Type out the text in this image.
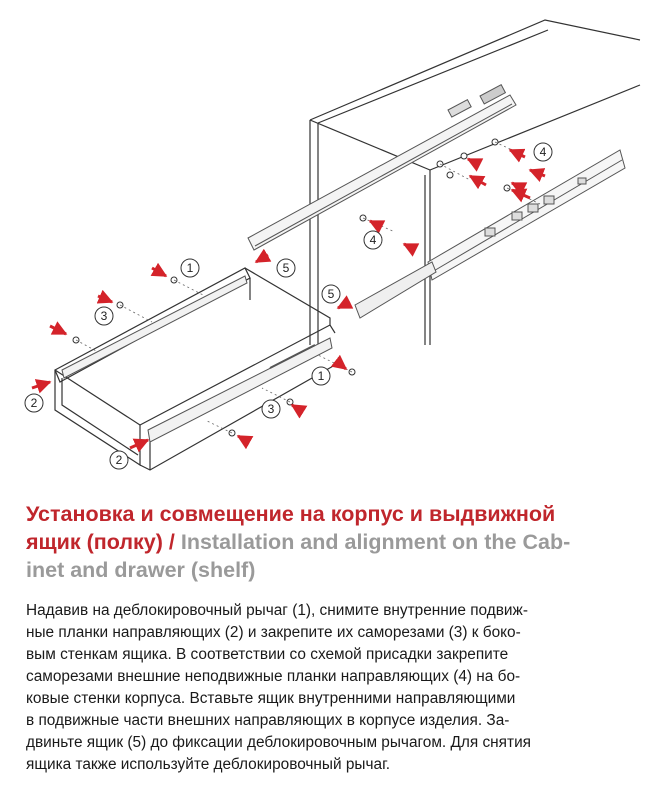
1
1
2
2
3
3
4
4
5
5
Установка и совмещение на корпус и выдвижной
ящик (полку) / Installation and alignment on the Cab-
inet and drawer (shelf)
Надавив на деблокировочный рычаг (1), снимите внутренние подвиж-
ные планки направляющих (2) и закрепите их саморезами (3) к боко-
вым стенкам ящика. В соответствии со схемой присадки закрепите
саморезами внешние неподвижные планки направляющих (4) на бо-
ковые стенки корпуса. Вставьте ящик внутренними направляющими
в подвижные части внешних направляющих в корпусе изделия. За-
двиньте ящик (5) до фиксации деблокировочным рычагом. Для снятия
ящика также используйте деблокировочный рычаг.
